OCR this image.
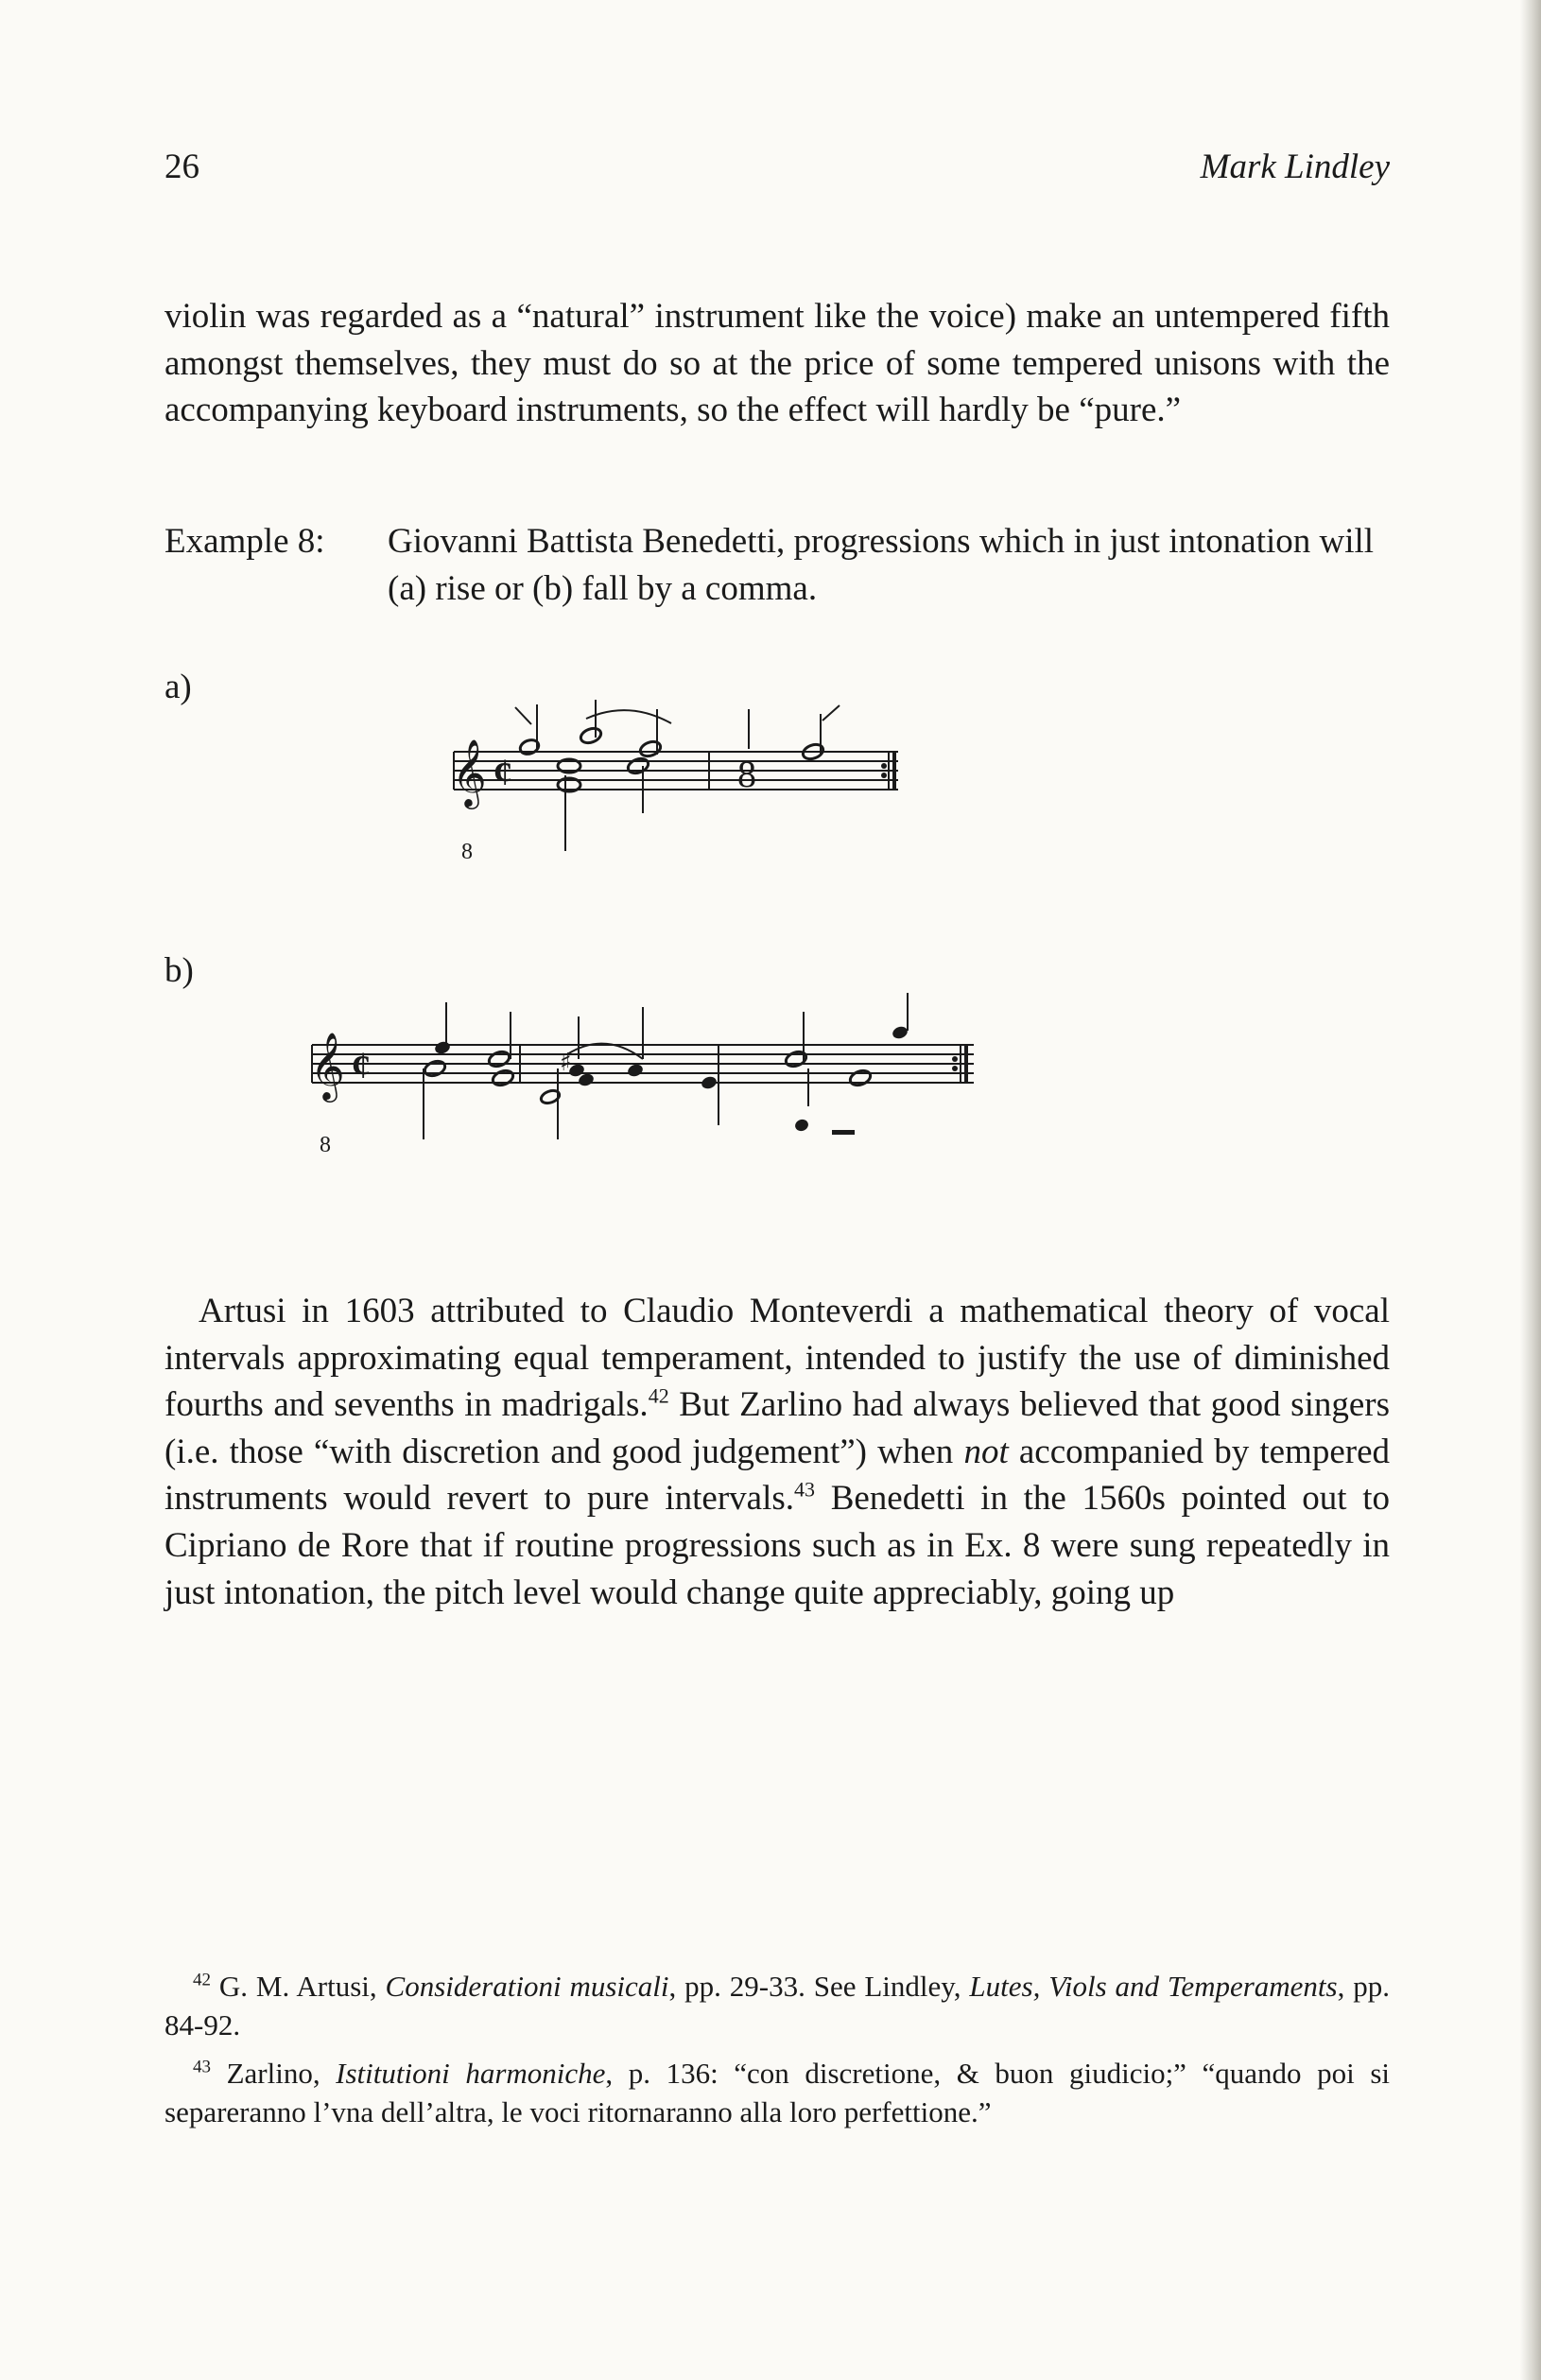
26	Mark Lindley

violin was regarded as a “natural” instrument like the voice) make an untempered fifth amongst themselves, they must do so at the price of some tempered unisons with the accompanying keyboard instruments, so the effect will hardly be “pure.”

Example 8: Giovanni Battista Benedetti, progressions which in just intonation will (a) rise or (b) fall by a comma.
a)
𝄞
8
¢	8
b)
♯
𝄞
8
¢

Artusi in 1603 attributed to Claudio Monteverdi a mathematical theory of vocal intervals approximating equal temperament, intended to justify the use of diminished fourths and sevenths in madrigals.$^{42}$ But Zarlino had always believed that good singers (i.e. those “with discretion and good judgement”) when not accompanied by tempered instruments would revert to pure intervals.$^{43}$ Benedetti in the 1560s pointed out to Cipriano de Rore that if routine progressions such as in Ex. 8 were sung repeatedly in just intonation, the pitch level would change quite appreciably, going up

$^{42}$ G. M. Artusi, Considerationi musicali, pp. 29-33. See Lindley, Lutes, Viols and Temperaments, pp. 84-92.
$^{43}$ Zarlino, Istitutioni harmoniche, p. 136: “con discretione, & buon giudicio;” “quando poi si separeranno l’vna dell’altra, le voci ritornaranno alla loro perfettione.”
